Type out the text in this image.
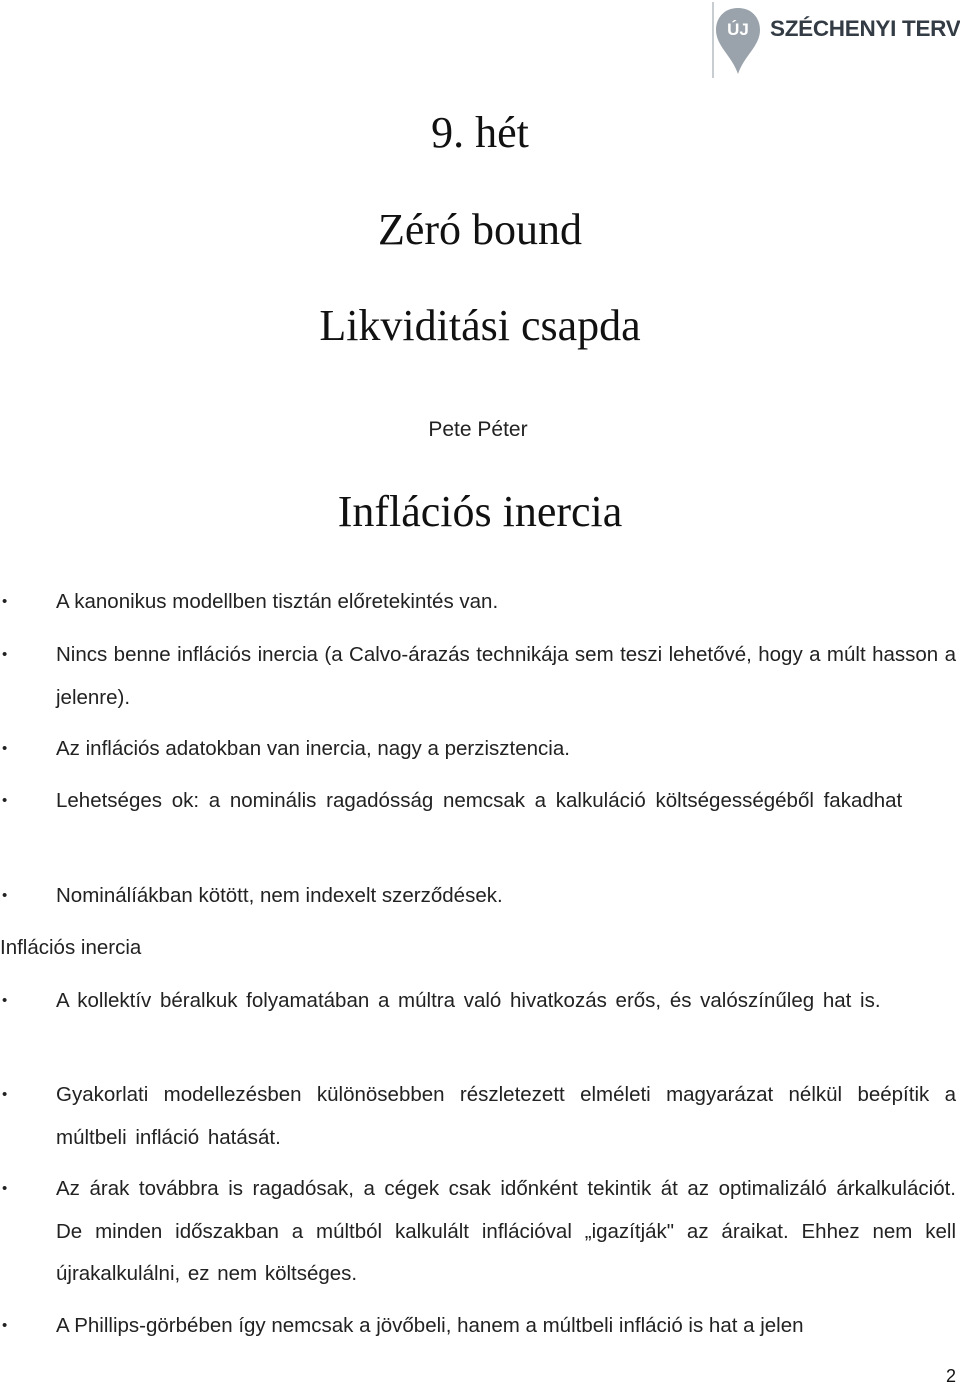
ÚJ SZÉCHENYI TERV
9. hét
Zéró bound
Likviditási csapda
Pete Péter
Inflációs inercia
• A kanonikus modellben tisztán előretekintés van.
• Nincs benne inflációs inercia (a Calvo-árazás technikája sem teszi lehetővé, hogy a múlt hasson a jelenre).
• Az inflációs adatokban van inercia, nagy a perzisztencia.
• Lehetséges ok: a nominális ragadósság nemcsak a kalkuláció költségességéből fakadhat
• Nominálíákban kötött, nem indexelt szerződések.
Inflációs inercia
• A kollektív béralkuk folyamatában a múltra való hivatkozás erős, és valószínűleg hat is.
• Gyakorlati modellezésben különösebben részletezett elméleti magyarázat nélkül beépítik a múltbeli infláció hatását.
• Az árak továbbra is ragadósak, a cégek csak időnként tekintik át az optimalizáló árkalkulációt. De minden időszakban a múltból kalkulált inflációval „igazítják" az áraikat. Ehhez nem kell újrakalkulálni, ez nem költséges.
• A Phillips-görbében így nemcsak a jövőbeli, hanem a múltbeli infláció is hat a jelen
2
